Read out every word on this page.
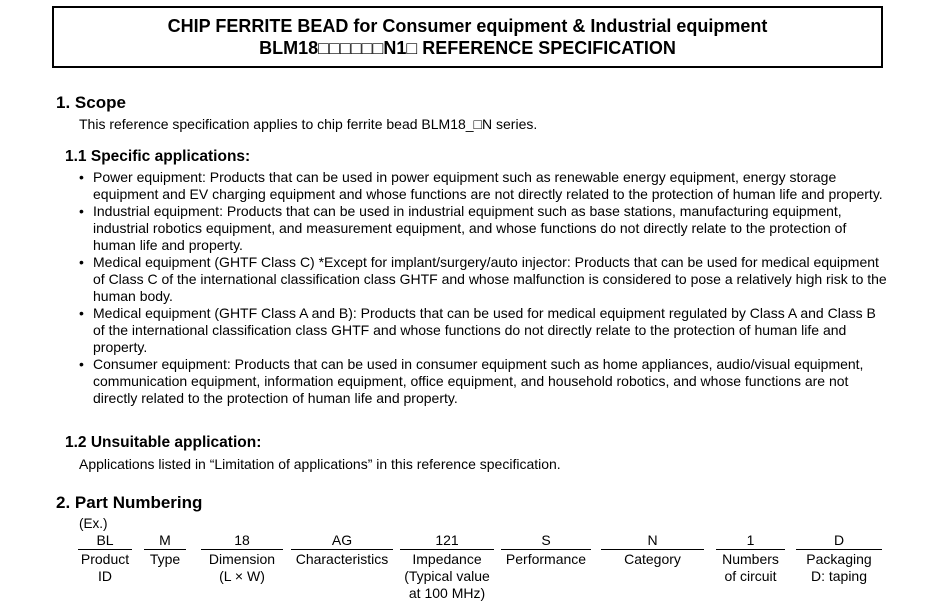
CHIP FERRITE BEAD for Consumer equipment & Industrial equipment
BLM18□□□□□□N1□ REFERENCE SPECIFICATION
1. Scope
This reference specification applies to chip ferrite bead BLM18_□N series.
1.1 Specific applications:
• Power equipment: Products that can be used in power equipment such as renewable energy equipment, energy storage equipment and EV charging equipment and whose functions are not directly related to the protection of human life and property.
• Industrial equipment: Products that can be used in industrial equipment such as base stations, manufacturing equipment, industrial robotics equipment, and measurement equipment, and whose functions do not directly relate to the protection of human life and property.
• Medical equipment (GHTF Class C) *Except for implant/surgery/auto injector: Products that can be used for medical equipment of Class C of the international classification class GHTF and whose malfunction is considered to pose a relatively high risk to the human body.
• Medical equipment (GHTF Class A and B): Products that can be used for medical equipment regulated by Class A and Class B of the international classification class GHTF and whose functions do not directly relate to the protection of human life and property.
• Consumer equipment: Products that can be used in consumer equipment such as home appliances, audio/visual equipment, communication equipment, information equipment, office equipment, and household robotics, and whose functions are not directly related to the protection of human life and property.
1.2 Unsuitable application:
Applications listed in “Limitation of applications” in this reference specification.
2. Part Numbering
(Ex.)
BL
Product
ID
M
Type
18
Dimension
(L × W)
AG
Characteristics
121
Impedance
(Typical value
at 100 MHz)
S
Performance
N
Category
1
Numbers
of circuit
D
Packaging
D: taping
